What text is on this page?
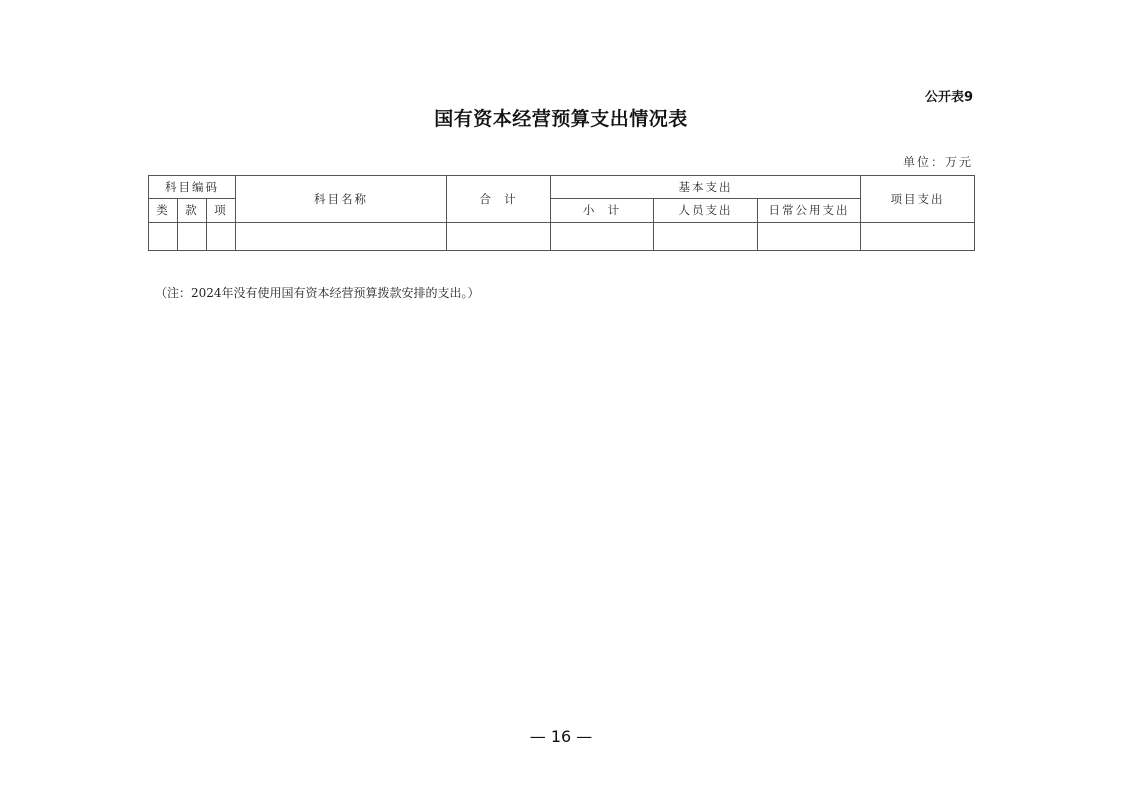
公开表9
国有资本经营预算支出情况表
单位：万元
科目编码			科目名称	合  计	基本支出			项目支出
类	款	项			小  计	人员支出	日常公用支出	

（注：2024年没有使用国有资本经营预算拨款安排的支出。）
— 16 —
